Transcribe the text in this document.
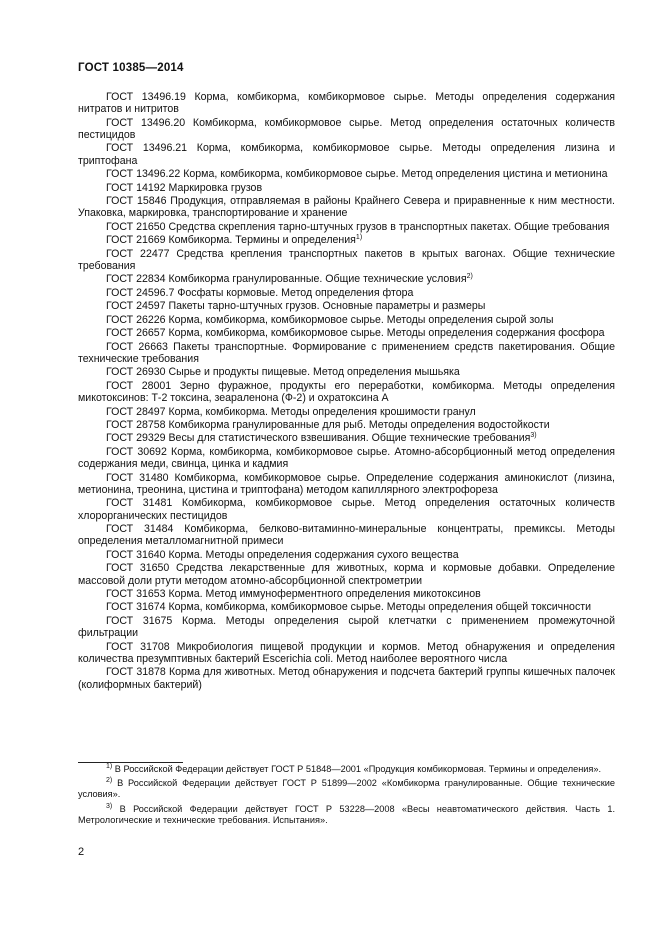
ГОСТ 10385—2014

ГОСТ 13496.19 Корма, комбикорма, комбикормовое сырье. Методы определения содержания нитратов и нитритов

ГОСТ 13496.20 Комбикорма, комбикормовое сырье. Метод определения остаточных количеств пестицидов

ГОСТ 13496.21 Корма, комбикорма, комбикормовое сырье. Методы определения лизина и триптофана

ГОСТ 13496.22 Корма, комбикорма, комбикормовое сырье. Метод определения цистина и метионина

ГОСТ 14192 Маркировка грузов

ГОСТ 15846 Продукция, отправляемая в районы Крайнего Севера и приравненные к ним местности. Упаковка, маркировка, транспортирование и хранение

ГОСТ 21650 Средства скрепления тарно-штучных грузов в транспортных пакетах. Общие требования

ГОСТ 21669 Комбикорма. Термины и определения$^{1)}$

ГОСТ 22477 Средства крепления транспортных пакетов в крытых вагонах. Общие технические требования

ГОСТ 22834 Комбикорма гранулированные. Общие технические условия$^{2)}$

ГОСТ 24596.7 Фосфаты кормовые. Метод определения фтора

ГОСТ 24597 Пакеты тарно-штучных грузов. Основные параметры и размеры

ГОСТ 26226 Корма, комбикорма, комбикормовое сырье. Методы определения сырой золы

ГОСТ 26657 Корма, комбикорма, комбикормовое сырье. Методы определения содержания фосфора

ГОСТ 26663 Пакеты транспортные. Формирование с применением средств пакетирования. Общие технические требования

ГОСТ 26930 Сырье и продукты пищевые. Метод определения мышьяка

ГОСТ 28001 Зерно фуражное, продукты его переработки, комбикорма. Методы определения микотоксинов: Т-2 токсина, зеараленона (Ф-2) и охратоксина А

ГОСТ 28497 Корма, комбикорма. Методы определения крошимости гранул

ГОСТ 28758 Комбикорма гранулированные для рыб. Методы определения водостойкости

ГОСТ 29329 Весы для статистического взвешивания. Общие технические требования$^{3)}$

ГОСТ 30692 Корма, комбикорма, комбикормовое сырье. Атомно-абсорбционный метод определения содержания меди, свинца, цинка и кадмия

ГОСТ 31480 Комбикорма, комбикормовое сырье. Определение содержания аминокислот (лизина, метионина, треонина, цистина и триптофана) методом капиллярного электрофореза

ГОСТ 31481 Комбикорма, комбикормовое сырье. Метод определения остаточных количеств хлорорганических пестицидов

ГОСТ 31484 Комбикорма, белково-витаминно-минеральные концентраты, премиксы. Методы определения металломагнитной примеси

ГОСТ 31640 Корма. Методы определения содержания сухого вещества

ГОСТ 31650 Средства лекарственные для животных, корма и кормовые добавки. Определение массовой доли ртути методом атомно-абсорбционной спектрометрии

ГОСТ 31653 Корма. Метод иммуноферментного определения микотоксинов

ГОСТ 31674 Корма, комбикорма, комбикормовое сырье. Методы определения общей токсичности

ГОСТ 31675 Корма. Методы определения сырой клетчатки с применением промежуточной фильтрации

ГОСТ 31708 Микробиология пищевой продукции и кормов. Метод обнаружения и определения количества презумптивных бактерий Escerichia coli. Метод наиболее вероятного числа

ГОСТ 31878 Корма для животных. Метод обнаружения и подсчета бактерий группы кишечных палочек (колиформных бактерий)

$^{1)}$ В Российской Федерации действует ГОСТ Р 51848—2001 «Продукция комбикормовая. Термины и определения».

$^{2)}$ В Российской Федерации действует ГОСТ Р 51899—2002 «Комбикорма гранулированные. Общие технические условия».

$^{3)}$ В Российской Федерации действует ГОСТ Р 53228—2008 «Весы неавтоматического действия. Часть 1. Метрологические и технические требования. Испытания».

2
